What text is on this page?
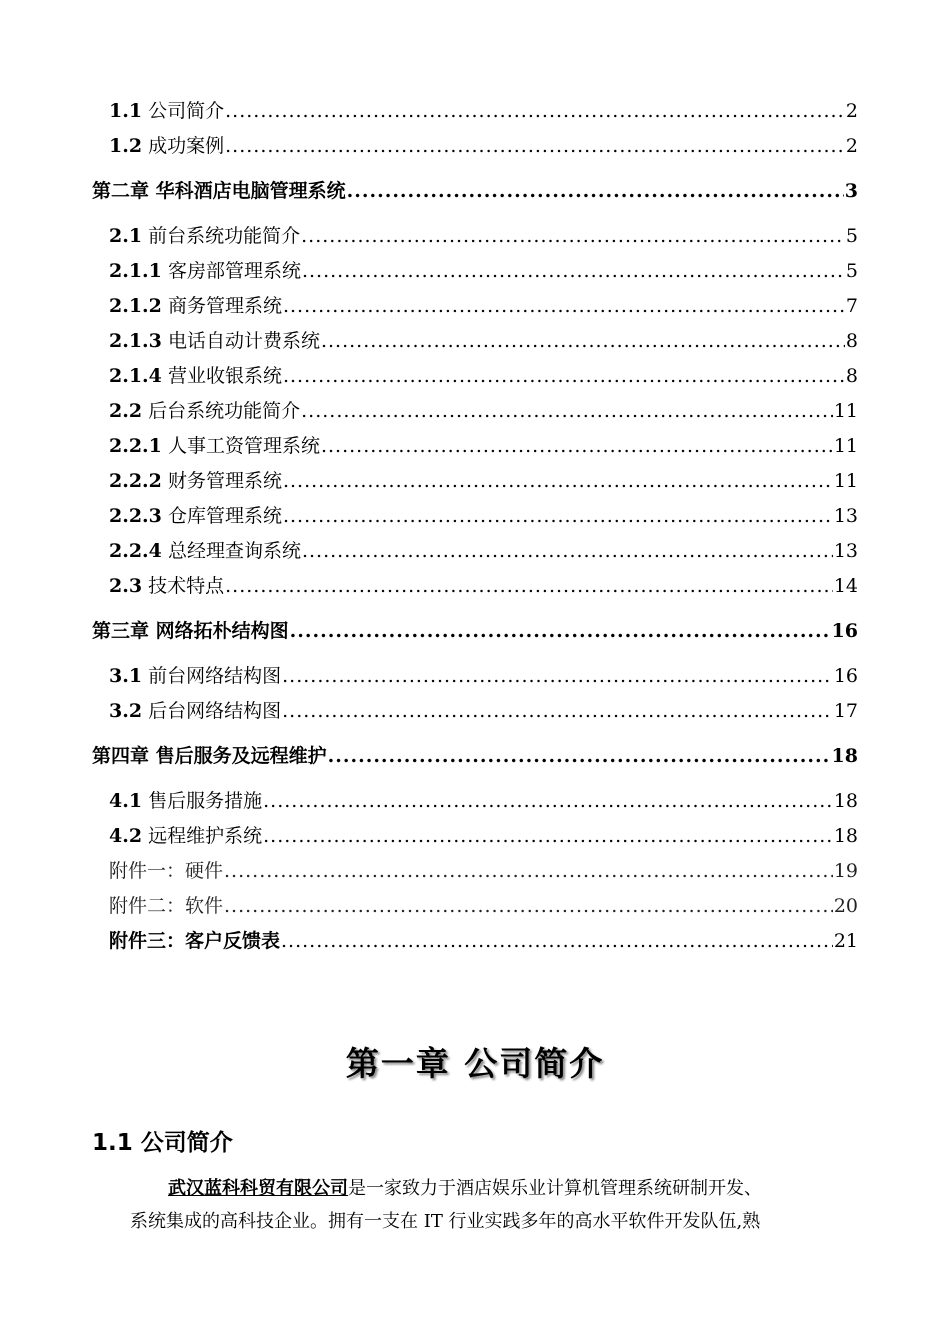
1.1 公司简介 .....	2
1.2 成功案例 .....	2
第二章 华科酒店电脑管理系统 .....	3
2.1 前台系统功能简介 .....	5
2.1.1 客房部管理系统 .....	5
2.1.2 商务管理系统 .....	7
2.1.3 电话自动计费系统 .....	8
2.1.4 营业收银系统 .....	8
2.2 后台系统功能简介 .....	11
2.2.1 人事工资管理系统 .....	11
2.2.2 财务管理系统 .....	11
2.2.3 仓库管理系统 .....	13
2.2.4 总经理查询系统 .....	13
2.3 技术特点 .....	14
第三章 网络拓朴结构图 .....	16
3.1 前台网络结构图 .....	16
3.2 后台网络结构图 .....	17
第四章 售后服务及远程维护 .....	18
4.1 售后服务措施 .....	18
4.2 远程维护系统 .....	18
附件一：硬件 .....	19
附件二：软件 .....	20
附件三：客户反馈表 .....	21
第一章 公司简介
1.1 公司简介
武汉蓝科科贸有限公司是一家致力于酒店娱乐业计算机管理系统研制开发、
系统集成的高科技企业。拥有一支在 IT 行业实践多年的高水平软件开发队伍,熟
